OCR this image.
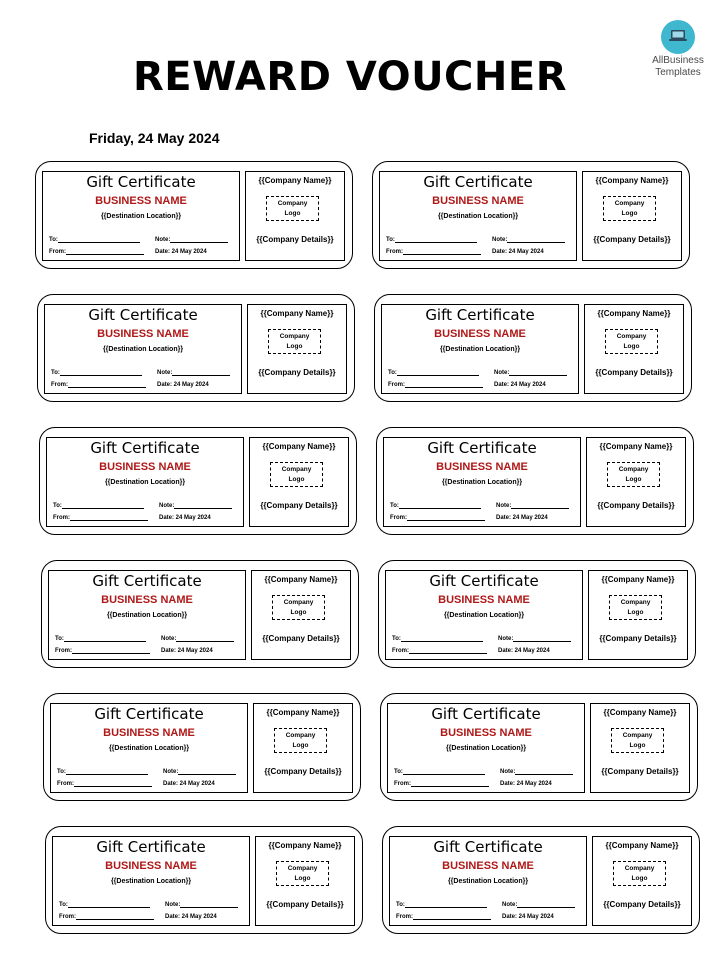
REWARD VOUCHER
Friday, 24 May 2024
AllBusiness
Templates
Gift Certificate
BUSINESS NAME
{{Destination Location}}
To:	Note:
From:	Date: 24 May 2024
{{Company Name}}
Company
Logo
{{Company Details}}
Gift Certificate
BUSINESS NAME
{{Destination Location}}
To:	Note:
From:	Date: 24 May 2024
{{Company Name}}
Company
Logo
{{Company Details}}
Gift Certificate
BUSINESS NAME
{{Destination Location}}
To:	Note:
From:	Date: 24 May 2024
{{Company Name}}
Company
Logo
{{Company Details}}
Gift Certificate
BUSINESS NAME
{{Destination Location}}
To:	Note:
From:	Date: 24 May 2024
{{Company Name}}
Company
Logo
{{Company Details}}
Gift Certificate
BUSINESS NAME
{{Destination Location}}
To:	Note:
From:	Date: 24 May 2024
{{Company Name}}
Company
Logo
{{Company Details}}
Gift Certificate
BUSINESS NAME
{{Destination Location}}
To:	Note:
From:	Date: 24 May 2024
{{Company Name}}
Company
Logo
{{Company Details}}
Gift Certificate
BUSINESS NAME
{{Destination Location}}
To:	Note:
From:	Date: 24 May 2024
{{Company Name}}
Company
Logo
{{Company Details}}
Gift Certificate
BUSINESS NAME
{{Destination Location}}
To:	Note:
From:	Date: 24 May 2024
{{Company Name}}
Company
Logo
{{Company Details}}
Gift Certificate
BUSINESS NAME
{{Destination Location}}
To:	Note:
From:	Date: 24 May 2024
{{Company Name}}
Company
Logo
{{Company Details}}
Gift Certificate
BUSINESS NAME
{{Destination Location}}
To:	Note:
From:	Date: 24 May 2024
{{Company Name}}
Company
Logo
{{Company Details}}
Gift Certificate
BUSINESS NAME
{{Destination Location}}
To:	Note:
From:	Date: 24 May 2024
{{Company Name}}
Company
Logo
{{Company Details}}
Gift Certificate
BUSINESS NAME
{{Destination Location}}
To:	Note:
From:	Date: 24 May 2024
{{Company Name}}
Company
Logo
{{Company Details}}
